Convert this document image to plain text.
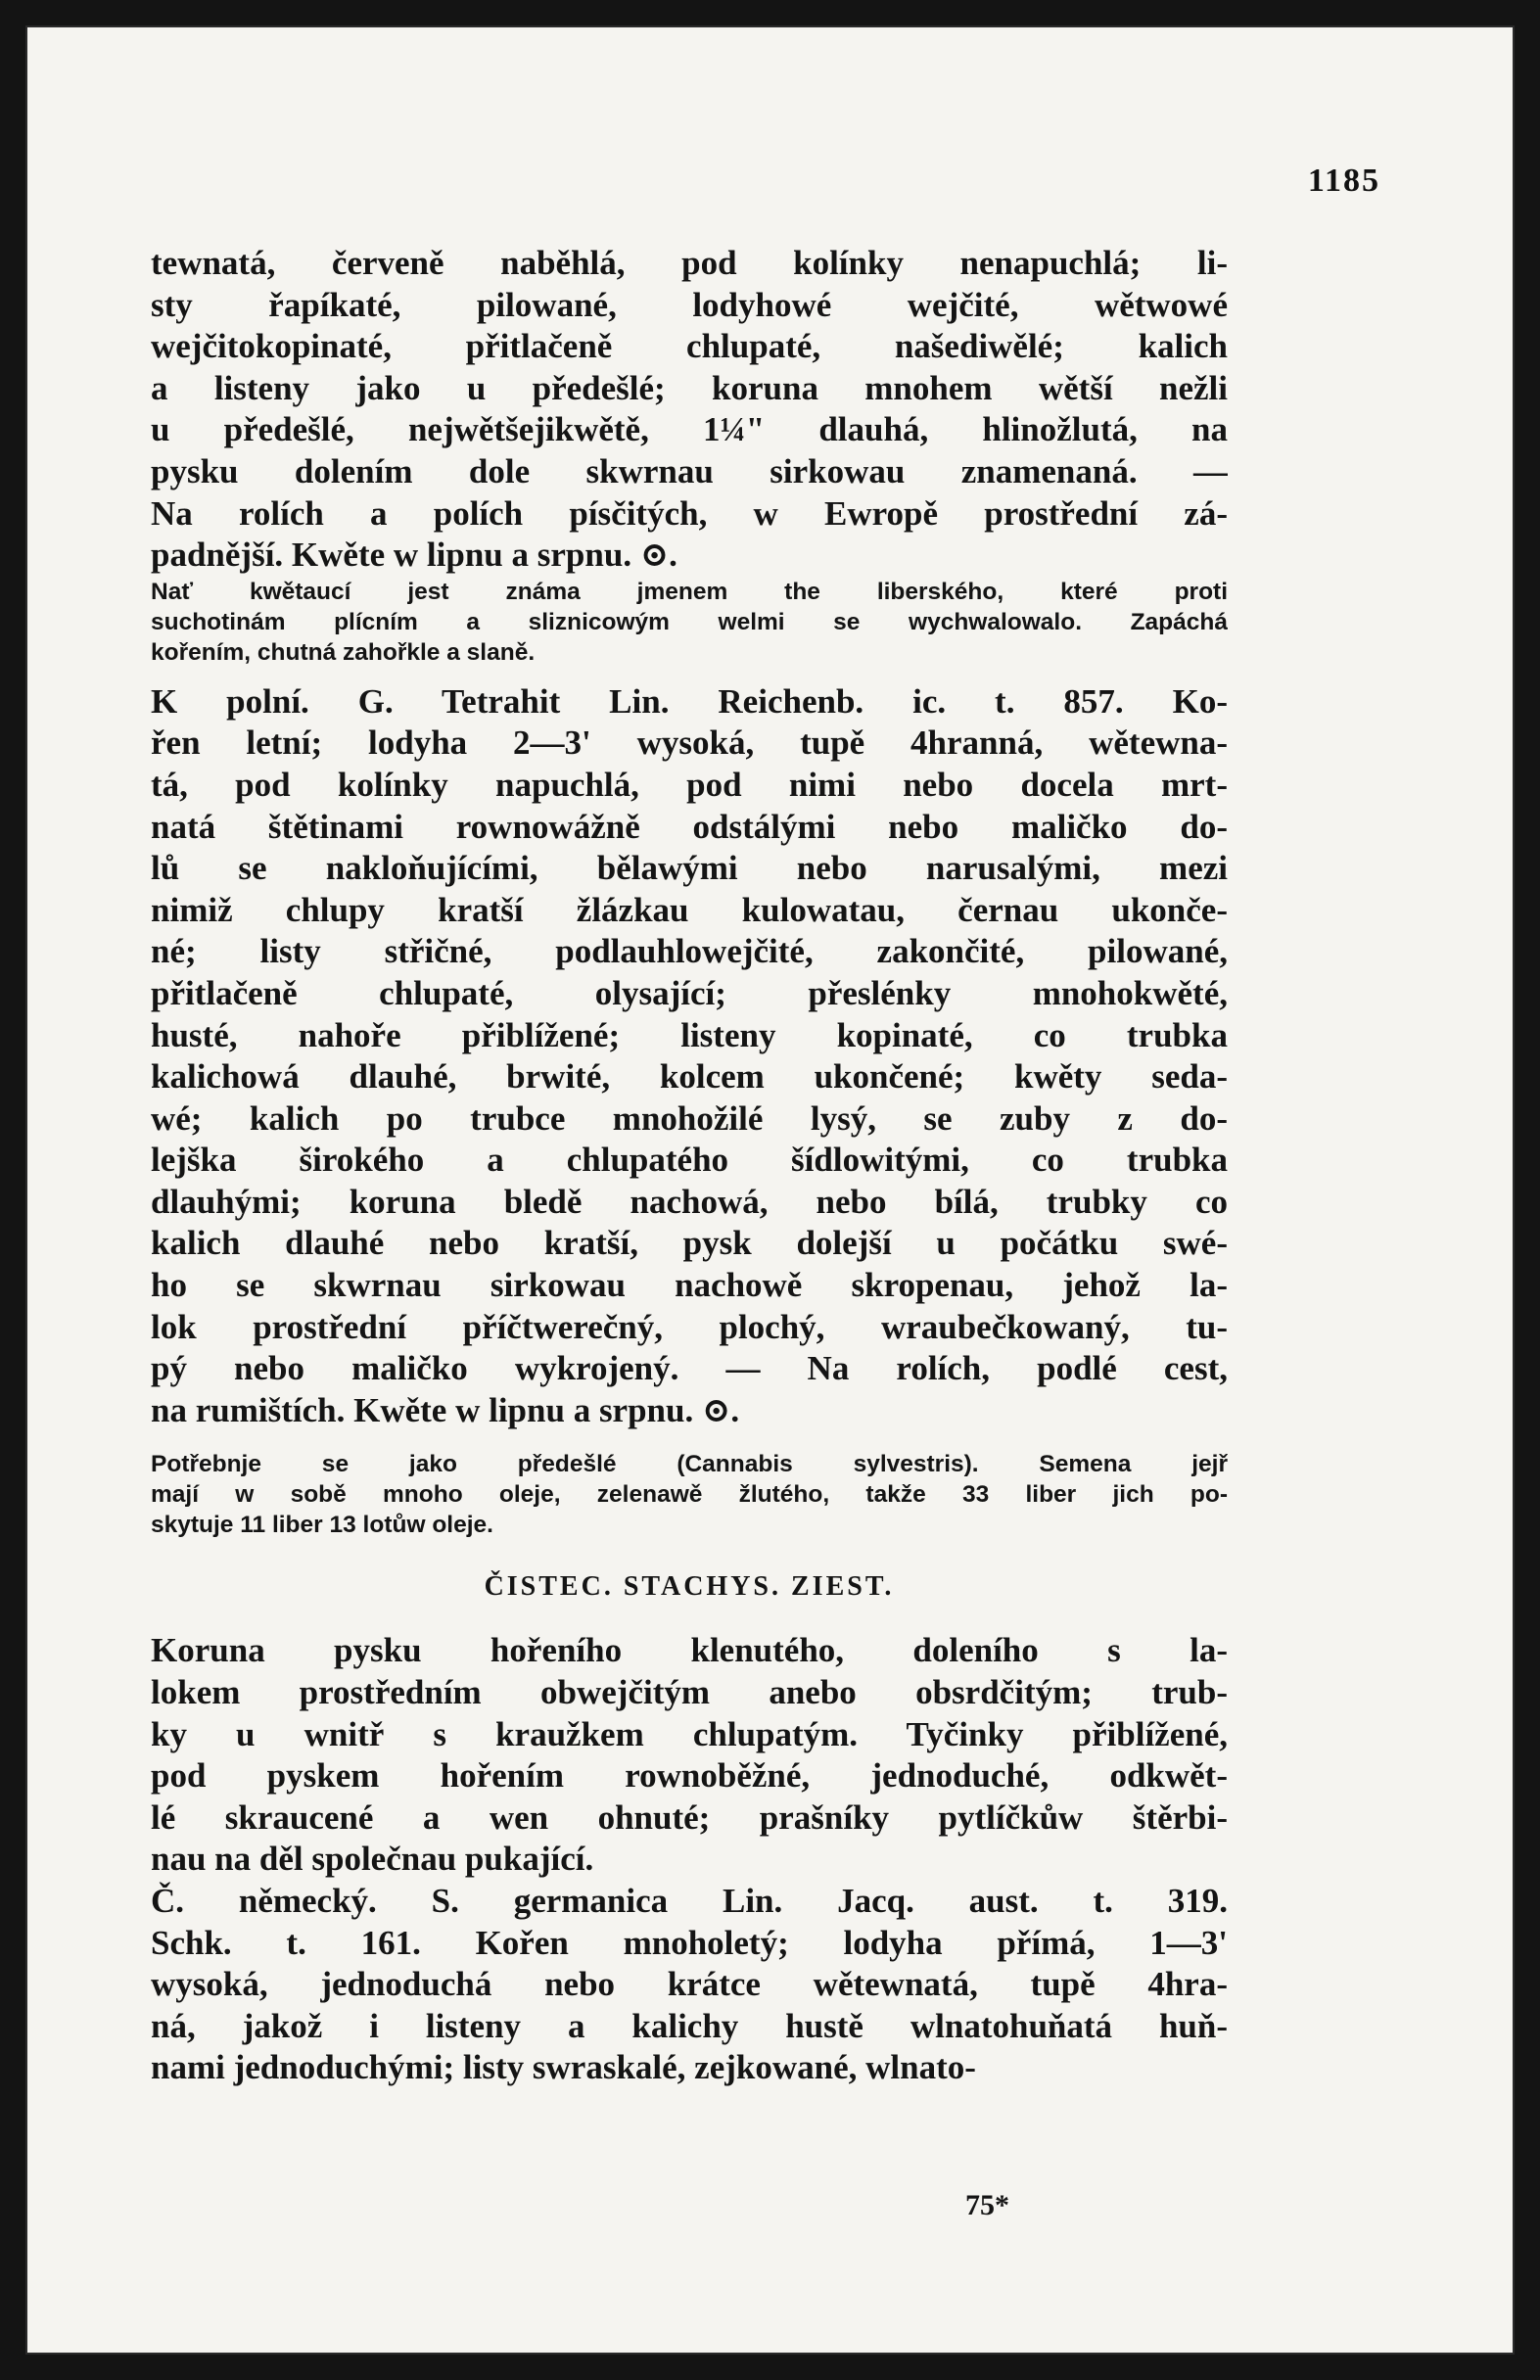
1185
tewnatá, červeně naběhlá, pod kolínky nenapuchlá; li-
sty řapíkaté, pilowané, lodyhowé wejčité, wětwowé
wejčitokopinaté, přitlačeně chlupaté, našediwělé; kalich
a listeny jako u předešlé; koruna mnohem wětší nežli
u předešlé, nejwětšejikwětě, 1¼" dlauhá, hlinožlutá, na
pysku dolením dole skwrnau sirkowau znamenaná. —
Na rolích a polích písčitých, w Ewropě prostřední zá-
padnější. Kwěte w lipnu a srpnu. ⊙.
Nať kwětaucí jest známa jmenem the liberského, které proti
suchotinám plícním a sliznicowým welmi se wychwalowalo. Zapáchá
kořením, chutná zahořkle a slaně.
K polní. G. Tetrahit Lin. Reichenb. ic. t. 857. Ko-
řen letní; lodyha 2—3' wysoká, tupě 4hranná, wětewna-
tá, pod kolínky napuchlá, pod nimi nebo docela mrt-
natá štětinami rownowážně odstálými nebo maličko do-
lů se nakloňujícími, bělawými nebo narusalými, mezi
nimiž chlupy kratší žlázkau kulowatau, černau ukonče-
né; listy střičné, podlauhlowejčité, zakončité, pilowané,
přitlačeně chlupaté, olysající; přeslénky mnohokwěté,
husté, nahoře přiblížené; listeny kopinaté, co trubka
kalichowá dlauhé, brwité, kolcem ukončené; kwěty seda-
wé; kalich po trubce mnohožilé lysý, se zuby z do-
lejška širokého a chlupatého šídlowitými, co trubka
dlauhými; koruna bledě nachowá, nebo bílá, trubky co
kalich dlauhé nebo kratší, pysk dolejší u počátku swé-
ho se skwrnau sirkowau nachowě skropenau, jehož la-
lok prostřední příčtwerečný, plochý, wraubečkowaný, tu-
pý nebo maličko wykrojený. — Na rolích, podlé cest,
na rumištích. Kwěte w lipnu a srpnu. ⊙.
Potřebnje se jako předešlé (Cannabis sylvestris). Semena jejř
mají w sobě mnoho oleje, zelenawě žlutého, takže 33 liber jich po-
skytuje 11 liber 13 lotůw oleje.
ČISTEC. STACHYS. ZIEST.
Koruna pysku hořeního klenutého, doleního s la-
lokem prostředním obwejčitým anebo obsrdčitým; trub-
ky u wnitř s kraužkem chlupatým. Tyčinky přiblížené,
pod pyskem hořením rownoběžné, jednoduché, odkwět-
lé skraucené a wen ohnuté; prašníky pytlíčkůw štěrbi-
nau na děl společnau pukající.
Č. německý. S. germanica Lin. Jacq. aust. t. 319.
Schk. t. 161. Kořen mnoholetý; lodyha přímá, 1—3'
wysoká, jednoduchá nebo krátce wětewnatá, tupě 4hra-
ná, jakož i listeny a kalichy hustě wlnatohuňatá huň-
nami jednoduchými; listy swraskalé, zejkowané, wlnato-
75*
